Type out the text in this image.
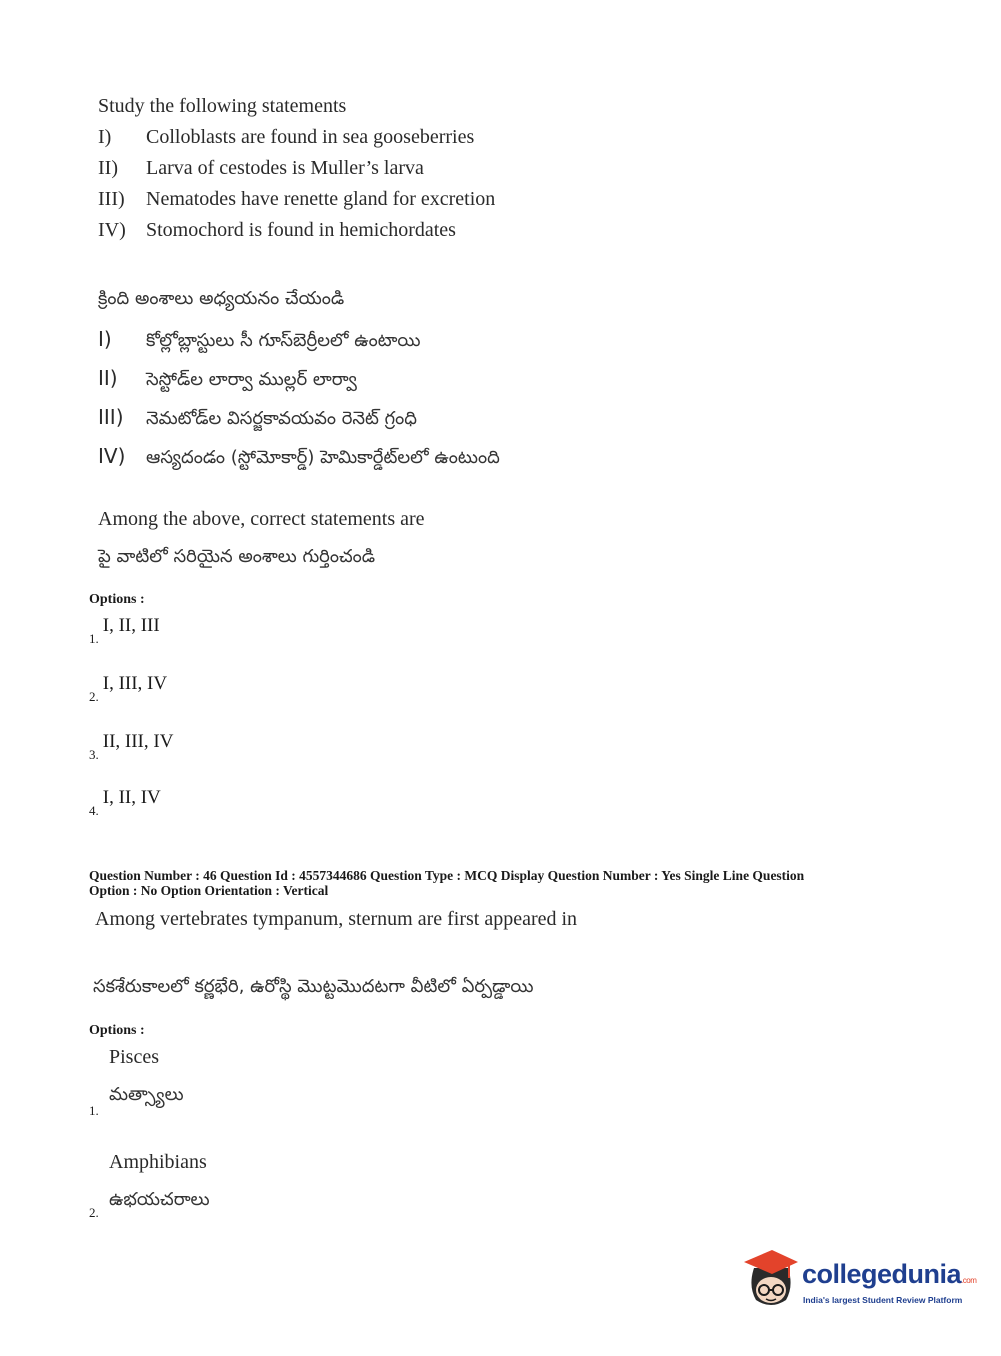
Study the following statements
I) Colloblasts are found in sea gooseberries
II) Larva of cestodes is Muller’s larva
III) Nematodes have renette gland for excretion
IV) Stomochord is found in hemichordates
క్రింది అంశాలు అధ్యయనం చేయండి
I) కోల్లోబ్లాస్టులు సీ గూస్‌బెర్రీలలో ఉంటాయి
II) సెస్టోడ్‌ల లార్వా ముల్లర్ లార్వా
III) నెమటోడ్‌ల విసర్జకావయవం రెనెట్ గ్రంధి
IV) ఆస్యదండం (స్టోమోకార్డ్) హెమికార్డేట్‌లలో ఉంటుంది
Among the above, correct statements are
పై వాటిలో సరియైన అంశాలు గుర్తించండి
Options :
$_{1.}$ I, II, III
$_{2.}$ I, III, IV
$_{3.}$ II, III, IV
$_{4.}$ I, II, IV
Question Number : 46 Question Id : 4557344686 Question Type : MCQ Display Question Number : Yes Single Line Question
Option : No Option Orientation : Vertical
Among vertebrates tympanum, sternum are first appeared in
సకశేరుకాలలో కర్ణభేరి, ఉరోస్థి మొట్టమొదటగా వీటిలో ఏర్పడ్డాయి
Options :
Pisces
మత్స్యాలు
1.
Amphibians
ఉభయచరాలు
2.
collegedunia.com
India's largest Student Review Platform
